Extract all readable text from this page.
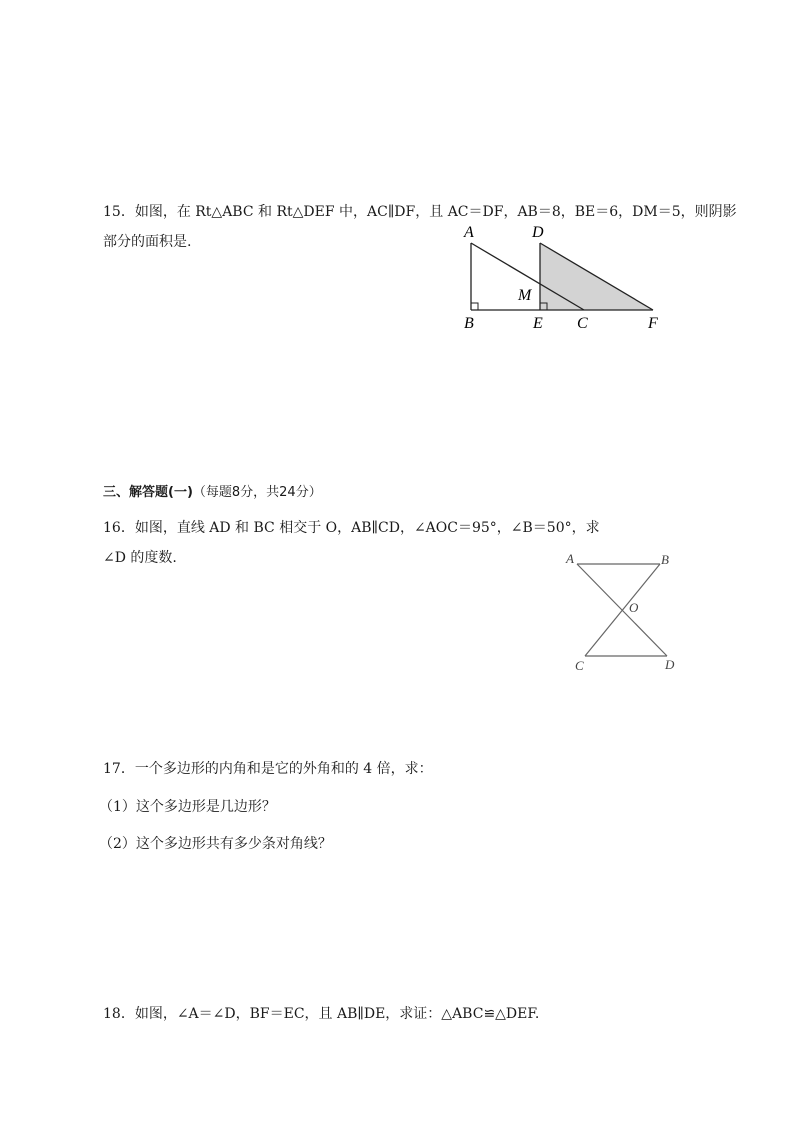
15．如图，在 Rt△ABC 和 Rt△DEF 中，AC∥DF，且 AC＝DF，AB＝8，BE＝6，DM＝5，则阴影
部分的面积是.
A	D
M
B	E C	F
三、解答题(一)（每题8分，共24分）
16．如图，直线 AD 和 BC 相交于 O，AB∥CD，∠AOC＝95°，∠B＝50°，求
∠D 的度数.	A	B
O
C	D
17．一个多边形的内角和是它的外角和的 4 倍，求：
（1）这个多边形是几边形？
（2）这个多边形共有多少条对角线？
18．如图，∠A＝∠D，BF＝EC，且 AB∥DE，求证：△ABC≌△DEF.
